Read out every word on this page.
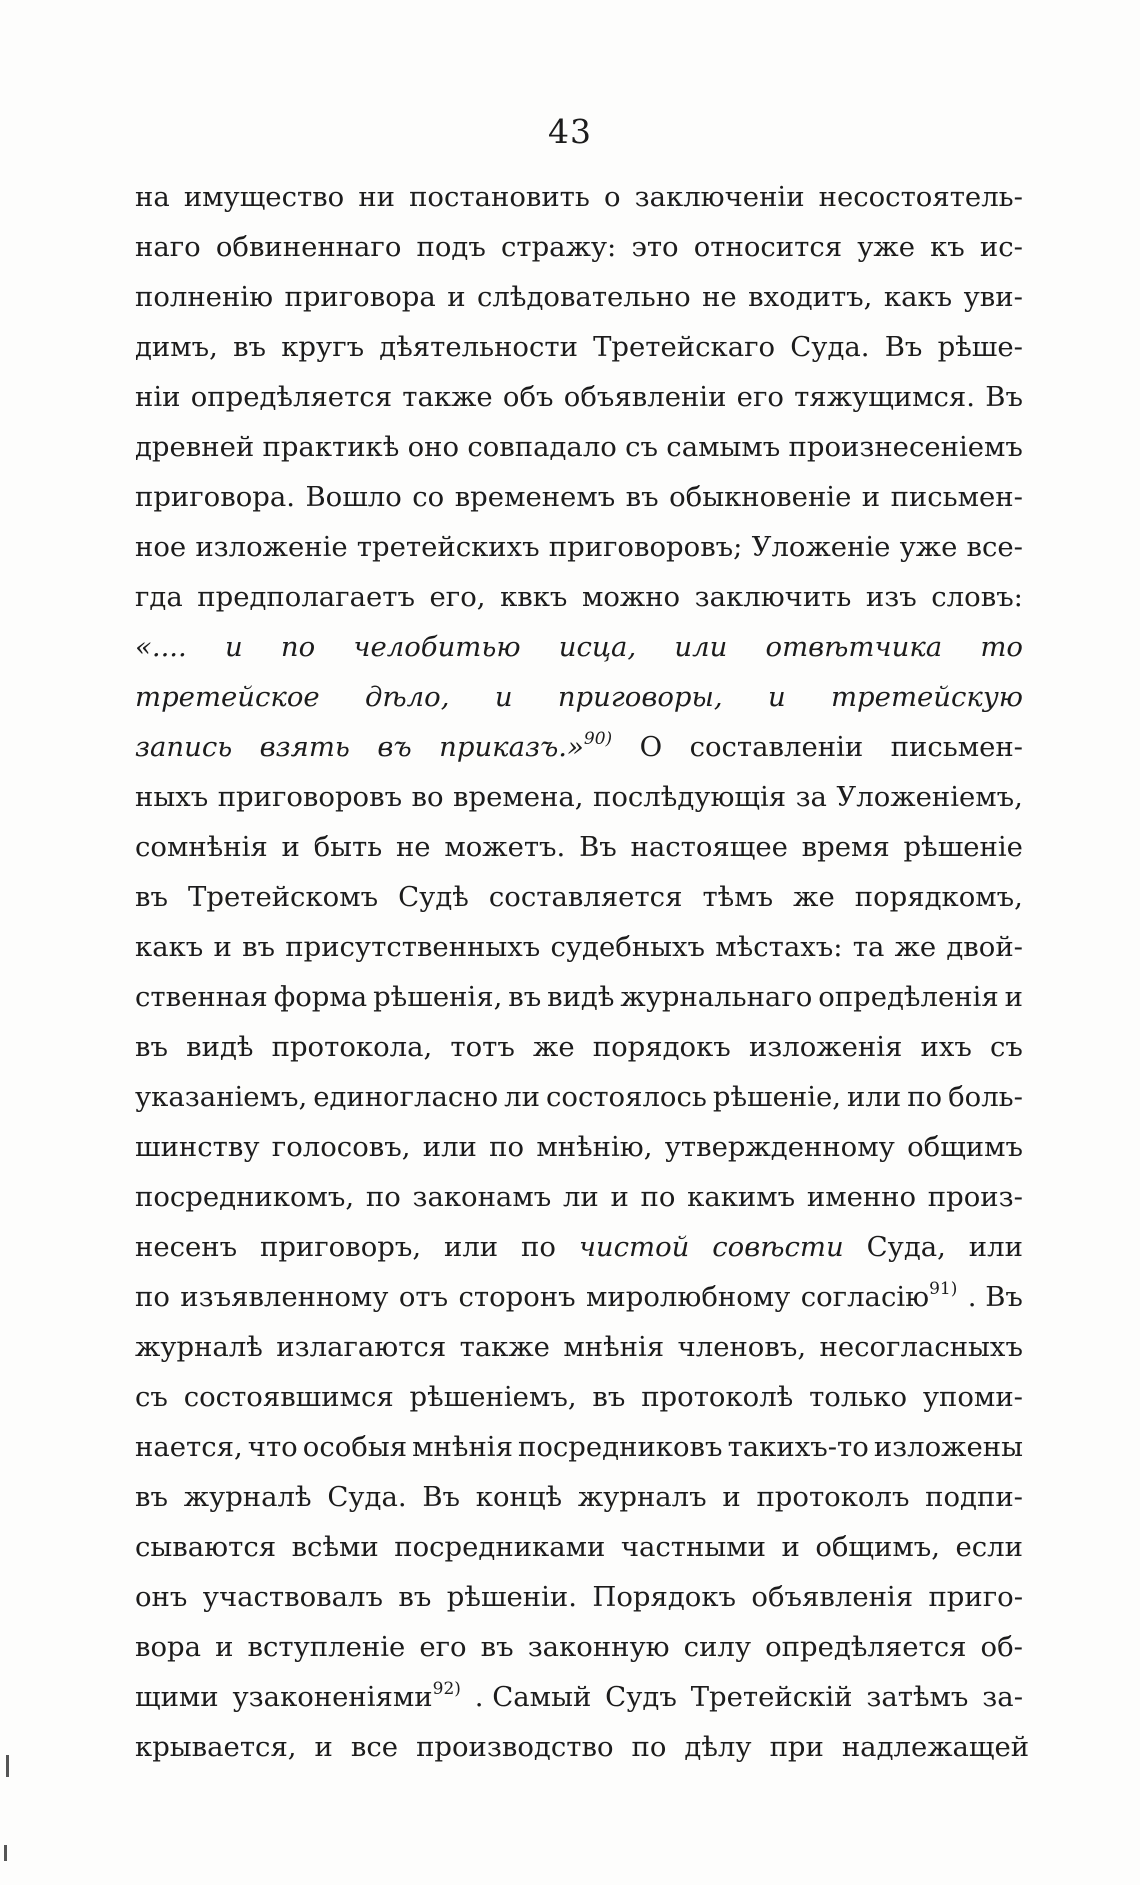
43
на имущество ни постановить о заключеніи несостоятель-
наго обвиненнаго подъ стражу: это относится уже къ ис-
полненію приговора и слѣдовательно не входитъ, какъ уви-
димъ, въ кругъ дѣятельности Третейскаго Суда. Въ рѣше-
ніи опредѣляется также объ объявленіи его тяжущимся. Въ
древней практикѣ оно совпадало съ самымъ произнесеніемъ
приговора. Вошло со временемъ въ обыкновеніе и письмен-
ное изложеніе третейскихъ приговоровъ; Уложеніе уже все-
гда предполагаетъ его, квкъ можно заключить изъ словъ:
«.... и по челобитью исца, или отвѣтчика то
третейское дѣло, и приговоры, и третейскую
запись взять въ приказъ.»$^{90)}$ О составленіи письмен-
ныхъ приговоровъ во времена, послѣдующія за Уложеніемъ,
сомнѣнія и быть не можетъ. Въ настоящее время рѣшеніе
въ Третейскомъ Судѣ составляется тѣмъ же порядкомъ,
какъ и въ присутственныхъ судебныхъ мѣстахъ: та же двой-
ственная форма рѣшенія, въ видѣ журнальнаго опредѣленія и
въ видѣ протокола, тотъ же порядокъ изложенія ихъ съ
указаніемъ, единогласно ли состоялось рѣшеніе, или по боль-
шинству голосовъ, или по мнѣнію, утвержденному общимъ
посредникомъ, по законамъ ли и по какимъ именно произ-
несенъ приговоръ, или по чистой совѣсти Суда, или
по изъявленному отъ сторонъ миролюбному согласію$^{91)}$ . Въ
журналѣ излагаются также мнѣнія членовъ, несогласныхъ
съ состоявшимся рѣшеніемъ, въ протоколѣ только упоми-
нается, что особыя мнѣнія посредниковъ такихъ-то изложены
въ журналѣ Суда. Въ концѣ журналъ и протоколъ подпи-
сываются всѣми посредниками частными и общимъ, если
онъ участвовалъ въ рѣшеніи. Порядокъ объявленія приго-
вора и вступленіе его въ законную силу опредѣляется об-
щими узаконеніями$^{92)}$ . Самый Судъ Третейскій затѣмъ за-
крывается, и все производство по дѣлу при надлежащей
